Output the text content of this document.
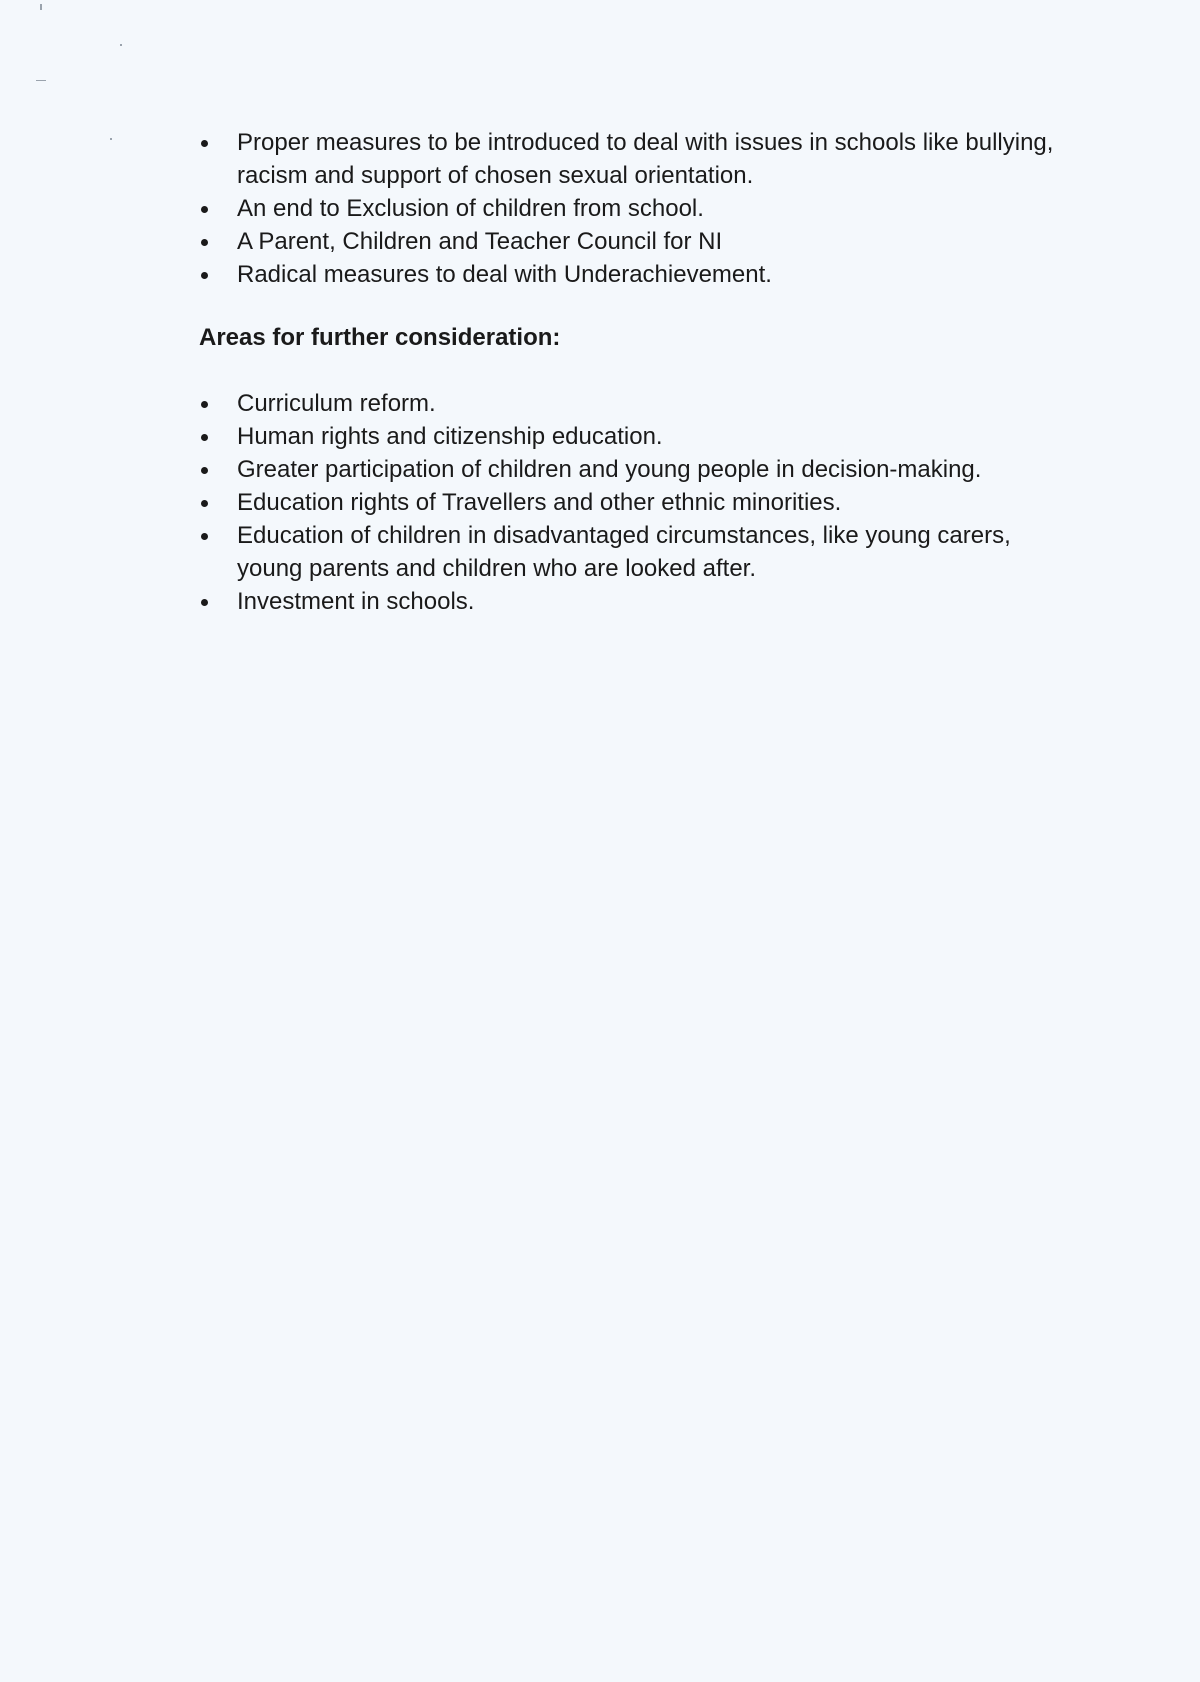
Proper measures to be introduced to deal with issues in schools like bullying, racism and support of chosen sexual orientation.
An end to Exclusion of children from school.
A Parent, Children and Teacher Council for NI
Radical measures to deal with Underachievement.
Areas for further consideration:
Curriculum reform.
Human rights and citizenship education.
Greater participation of children and young people in decision-making.
Education rights of Travellers and other ethnic minorities.
Education of children in disadvantaged circumstances, like young carers, young parents and children who are looked after.
Investment in schools.
